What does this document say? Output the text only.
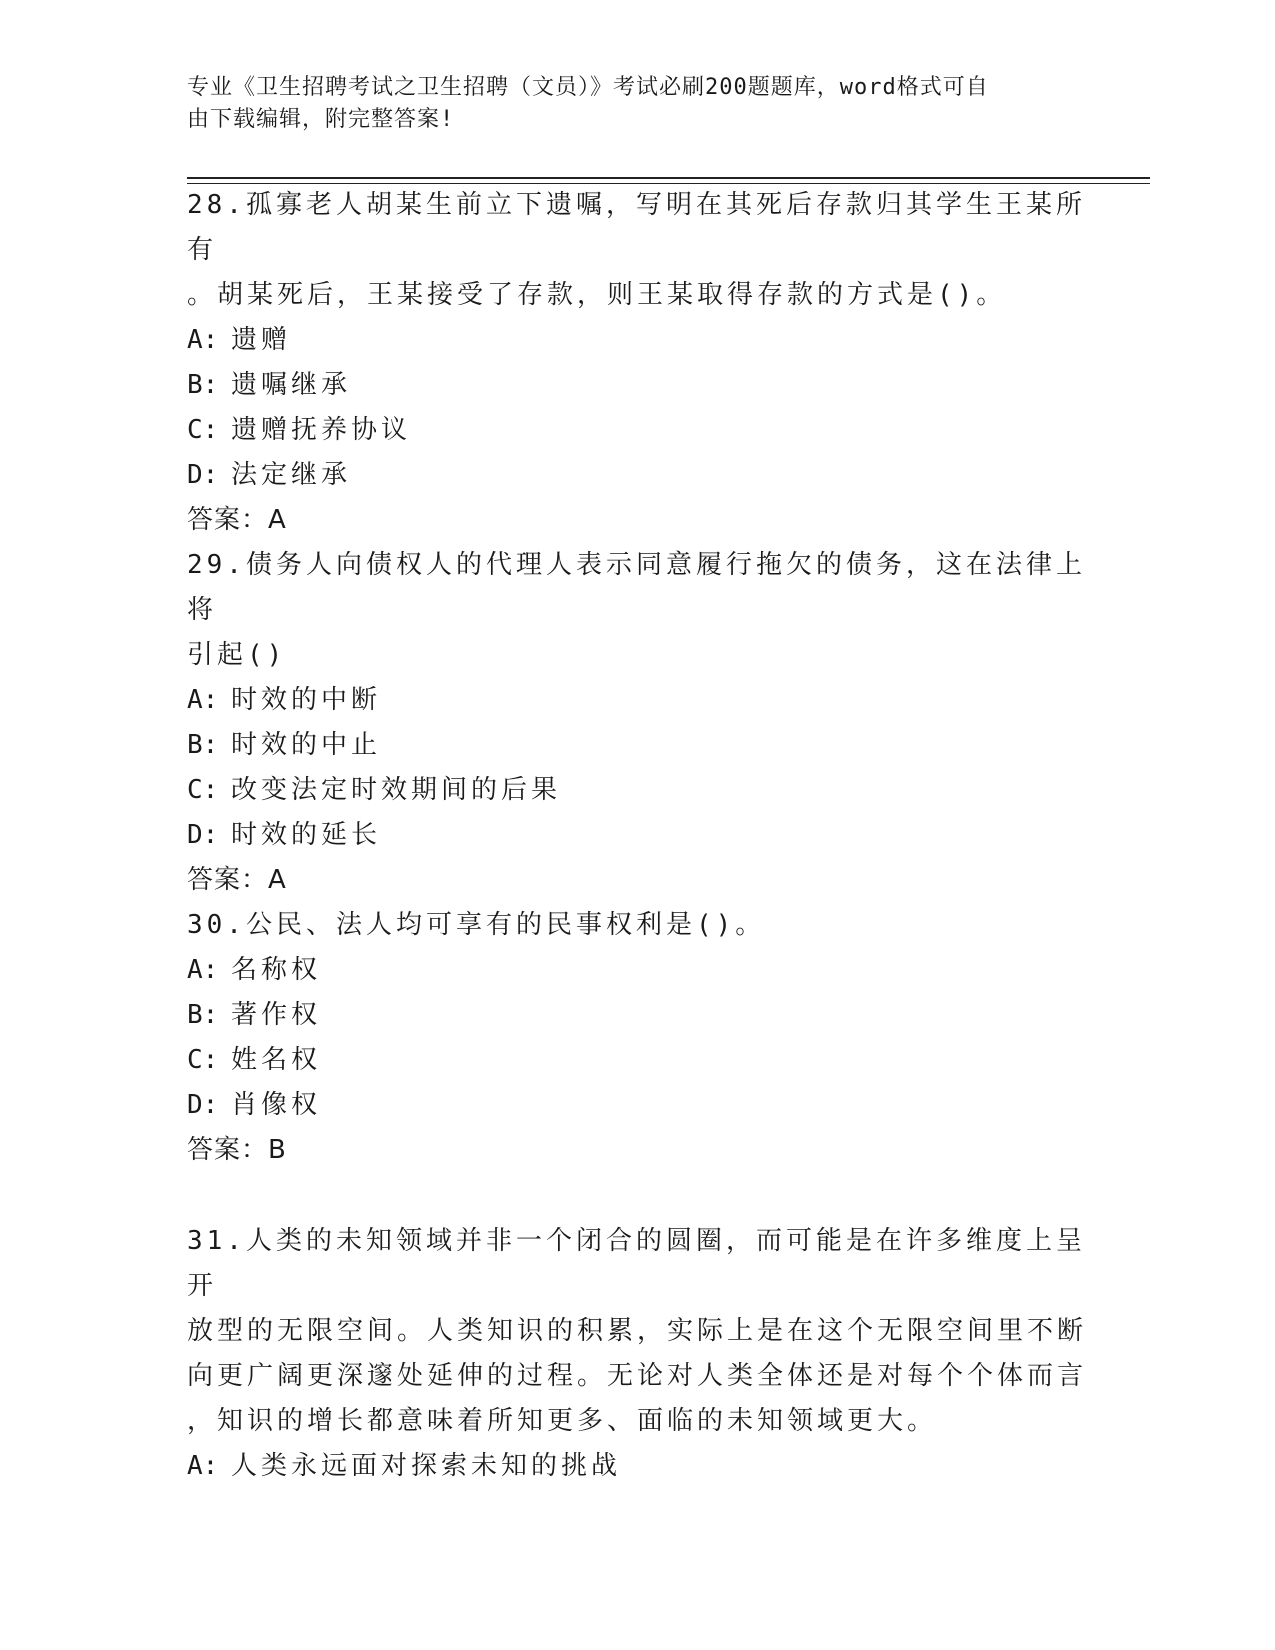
专业《卫生招聘考试之卫生招聘（文员）》考试必刷200题题库，word格式可自
由下载编辑，附完整答案!

28.孤寡老人胡某生前立下遗嘱，写明在其死后存款归其学生王某所有

。胡某死后，王某接受了存款，则王某取得存款的方式是()。

A: 遗赠

B: 遗嘱继承

C: 遗赠抚养协议

D: 法定继承

答案：A

29.债务人向债权人的代理人表示同意履行拖欠的债务，这在法律上将

引起()

A: 时效的中断

B: 时效的中止

C: 改变法定时效期间的后果

D: 时效的延长

答案：A

30.公民、法人均可享有的民事权利是()。

A: 名称权

B: 著作权

C: 姓名权

D: 肖像权

答案：B

31.人类的未知领域并非一个闭合的圆圈，而可能是在许多维度上呈开

放型的无限空间。人类知识的积累，实际上是在这个无限空间里不断

向更广阔更深邃处延伸的过程。无论对人类全体还是对每个个体而言

，知识的增长都意味着所知更多、面临的未知领域更大。

A: 人类永远面对探索未知的挑战
